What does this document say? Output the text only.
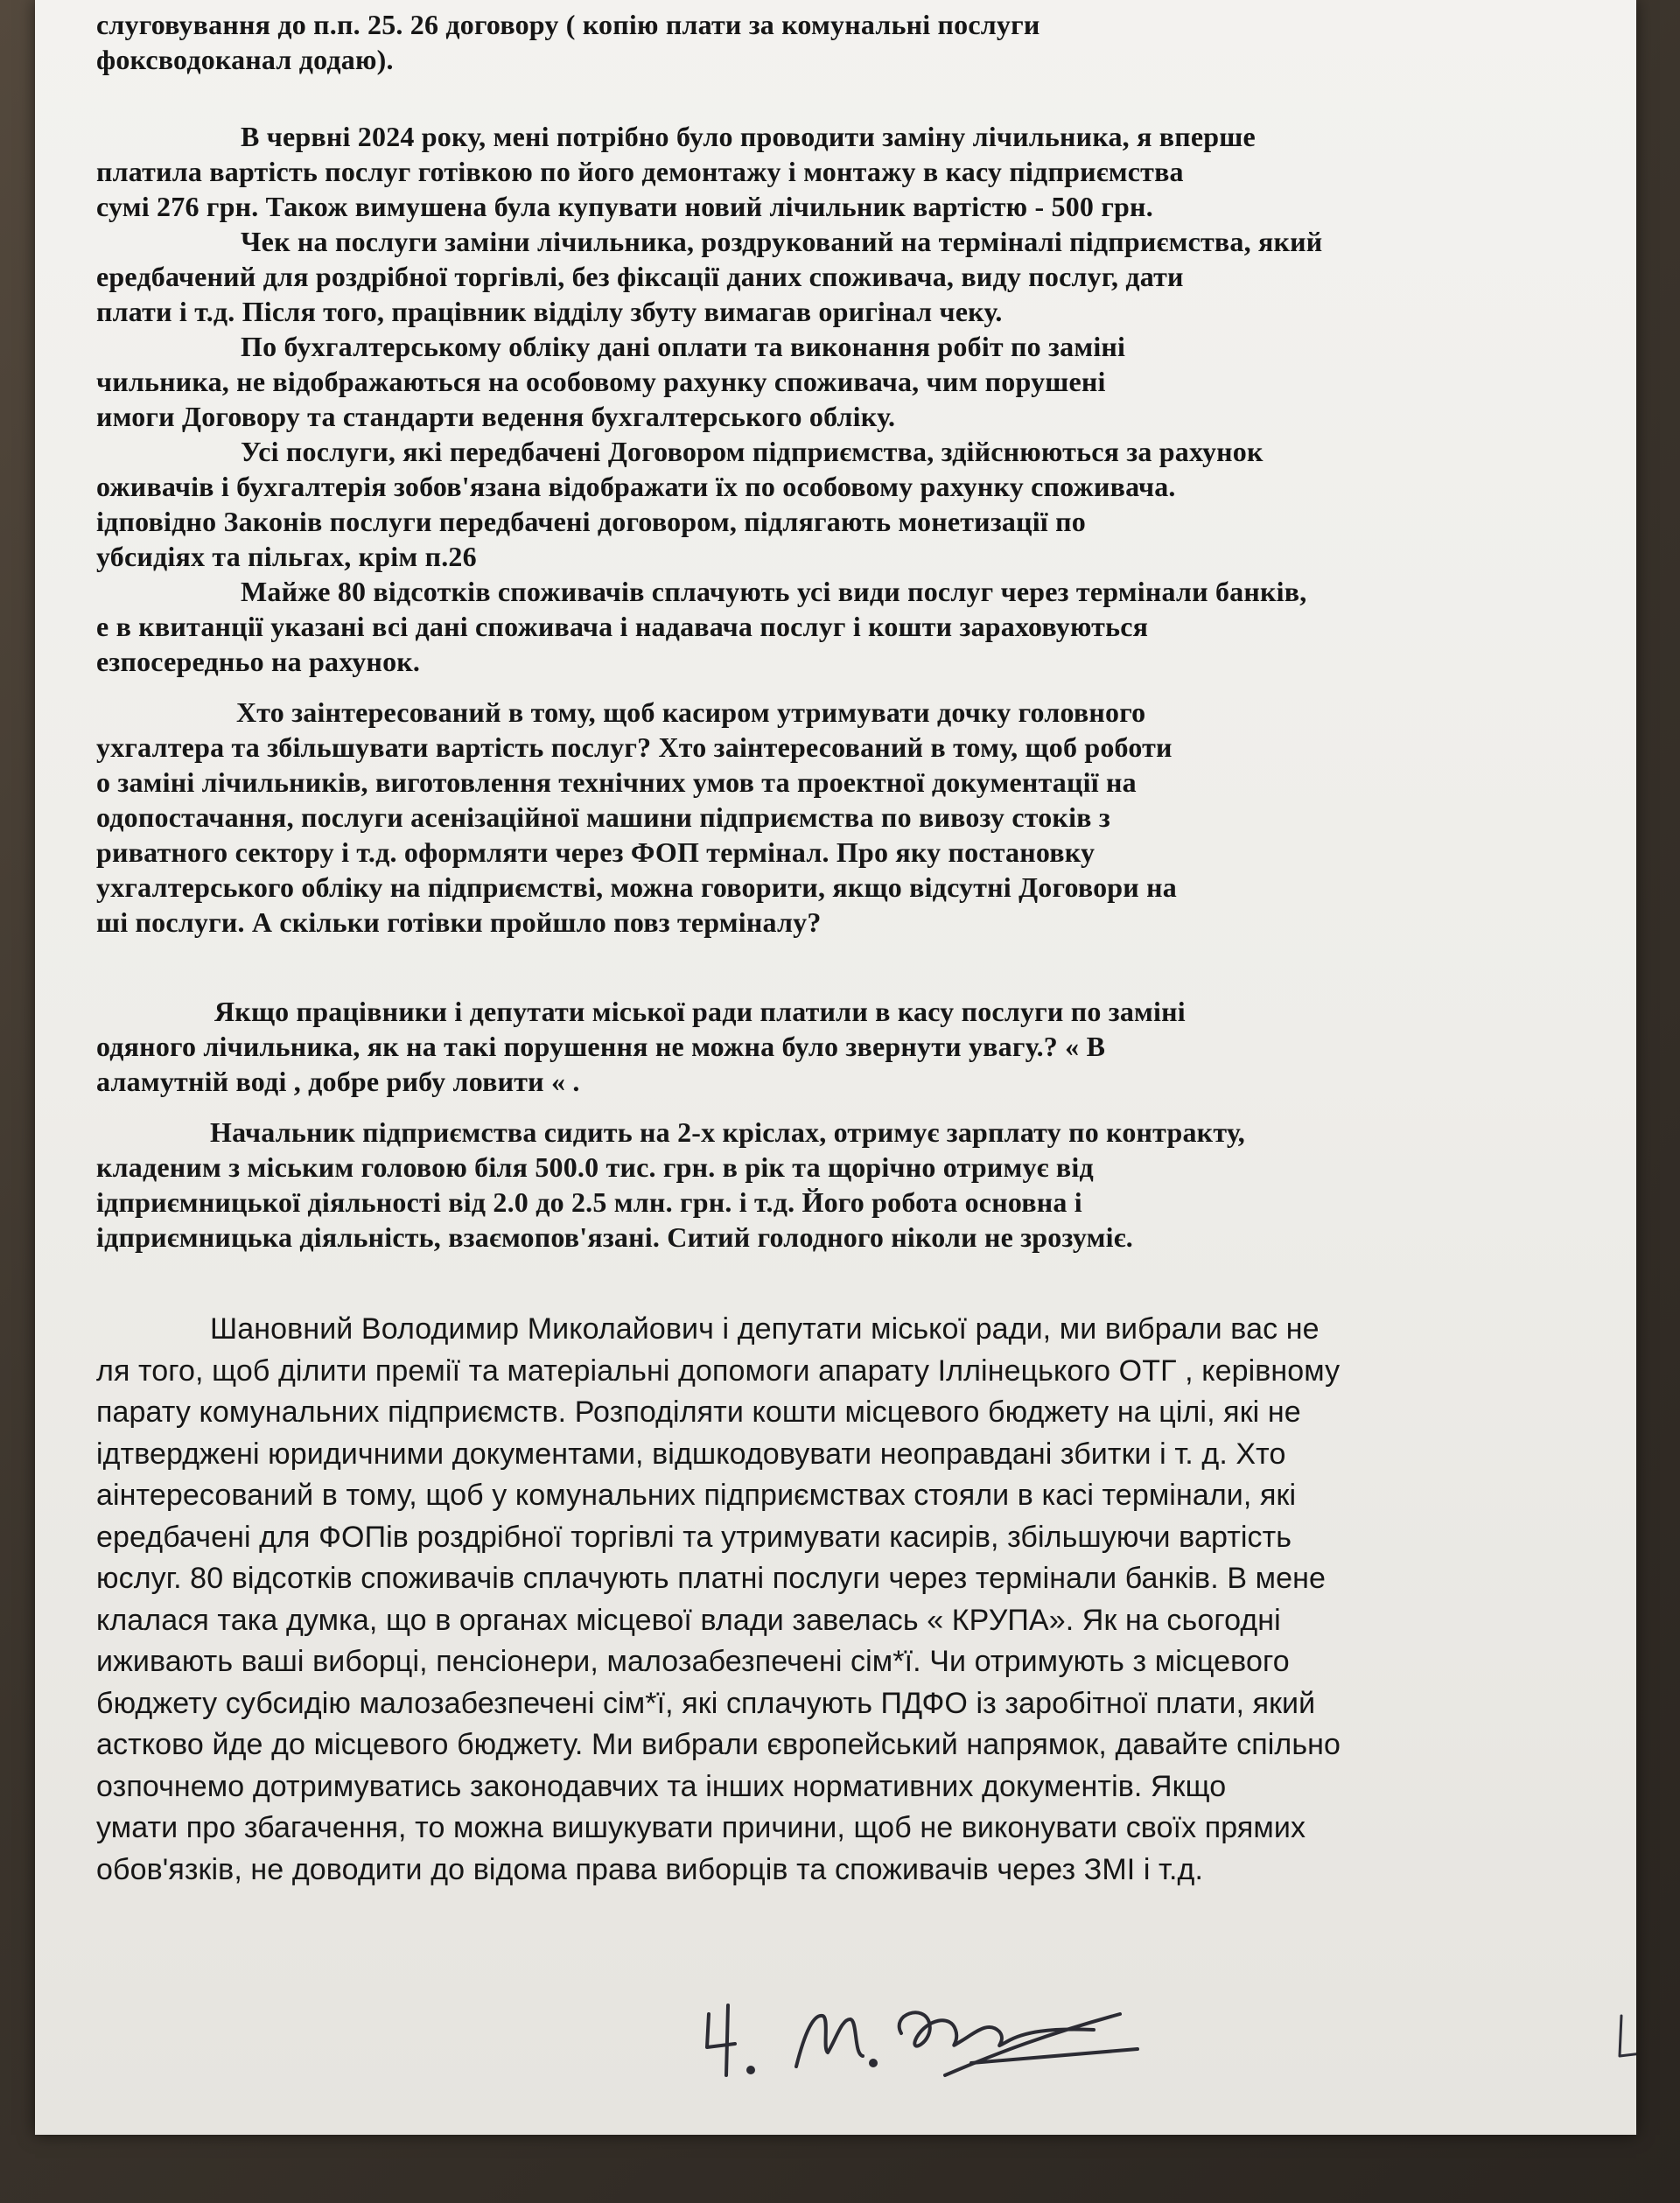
слуговування до п.п. 25. 26 договору ( копію плати за комунальні послуги
фоксводоканал додаю).
В червні 2024 року, мені потрібно було проводити заміну лічильника, я вперше
платила вартість послуг готівкою по його демонтажу і монтажу в касу підприємства
сумі 276 грн. Також вимушена була купувати новий лічильник вартістю - 500 грн.
Чек на послуги заміни лічильника, роздрукований на терміналі підприємства, який
ередбачений для роздрібної торгівлі, без фіксації даних споживача, виду послуг, дати
плати і т.д. Після того, працівник відділу збуту вимагав оригінал чеку.
По бухгалтерському обліку дані оплати та виконання робіт по заміні
чильника, не відображаються на особовому рахунку споживача, чим порушені
имоги Договору та стандарти ведення бухгалтерського обліку.
Усі послуги, які передбачені Договором підприємства, здійснюються за рахунок
оживачів і бухгалтерія зобов'язана відображати їх по особовому рахунку споживача.
ідповідно Законів послуги передбачені договором, підлягають монетизації по
убсидіях та пільгах, крім п.26
Майже 80 відсотків споживачів сплачують усі види послуг через термінали банків,
е в квитанції указані всі дані споживача і надавача послуг і кошти зараховуються
езпосередньо на рахунок.
Хто заінтересований в тому, щоб касиром утримувати дочку головного
ухгалтера та збільшувати вартість послуг? Хто заінтересований в тому, щоб роботи
о заміні лічильників, виготовлення технічних умов та проектної документації на
одопостачання, послуги асенізаційної машини підприємства по вивозу стоків з
риватного сектору і т.д. оформляти через ФОП термінал. Про яку постановку
ухгалтерського обліку на підприємстві, можна говорити, якщо відсутні Договори на
ші послуги. А скільки готівки пройшло повз терміналу?
Якщо працівники і депутати міської ради платили в касу послуги по заміні
одяного лічильника, як на такі порушення не можна було звернути увагу.? « В
аламутній воді , добре рибу ловити « .
Начальник підприємства сидить на 2-х кріслах, отримує зарплату по контракту,
кладеним з міським головою біля 500.0 тис. грн. в рік та щорічно отримує від
ідприємницької діяльності від 2.0 до 2.5 млн. грн. і т.д. Його робота основна і
ідприємницька діяльність, взаємопов'язані. Ситий голодного ніколи не зрозуміє.
Шановний Володимир Миколайович і депутати міської ради, ми вибрали вас не
ля того, щоб ділити премії та матеріальні допомоги апарату Іллінецького ОТГ , керівному
парату комунальних підприємств. Розподіляти кошти місцевого бюджету на цілі, які не
ідтверджені юридичними документами, відшкодовувати неоправдані збитки і т. д. Хто
аінтересований в тому, щоб у комунальних підприємствах стояли в касі термінали, які
ередбачені для ФОПів роздрібної торгівлі та утримувати касирів, збільшуючи вартість
юслуг. 80 відсотків споживачів сплачують платні послуги через термінали банків. В мене
клалася така думка, що в органах місцевої влади завелась « КРУПА». Як на сьогодні
иживають ваші виборці, пенсіонери, малозабезпечені сім*ї. Чи отримують з місцевого
бюджету субсидію малозабезпечені сім*ї, які сплачують ПДФО із заробітної плати, який
астково йде до місцевого бюджету. Ми вибрали європейський напрямок, давайте спільно
озпочнемо дотримуватись законодавчих та інших нормативних документів. Якщо
умати про збагачення, то можна вишукувати причини, щоб не виконувати своїх прямих
обов'язків, не доводити до відома права виборців та споживачів через ЗМІ і т.д.
